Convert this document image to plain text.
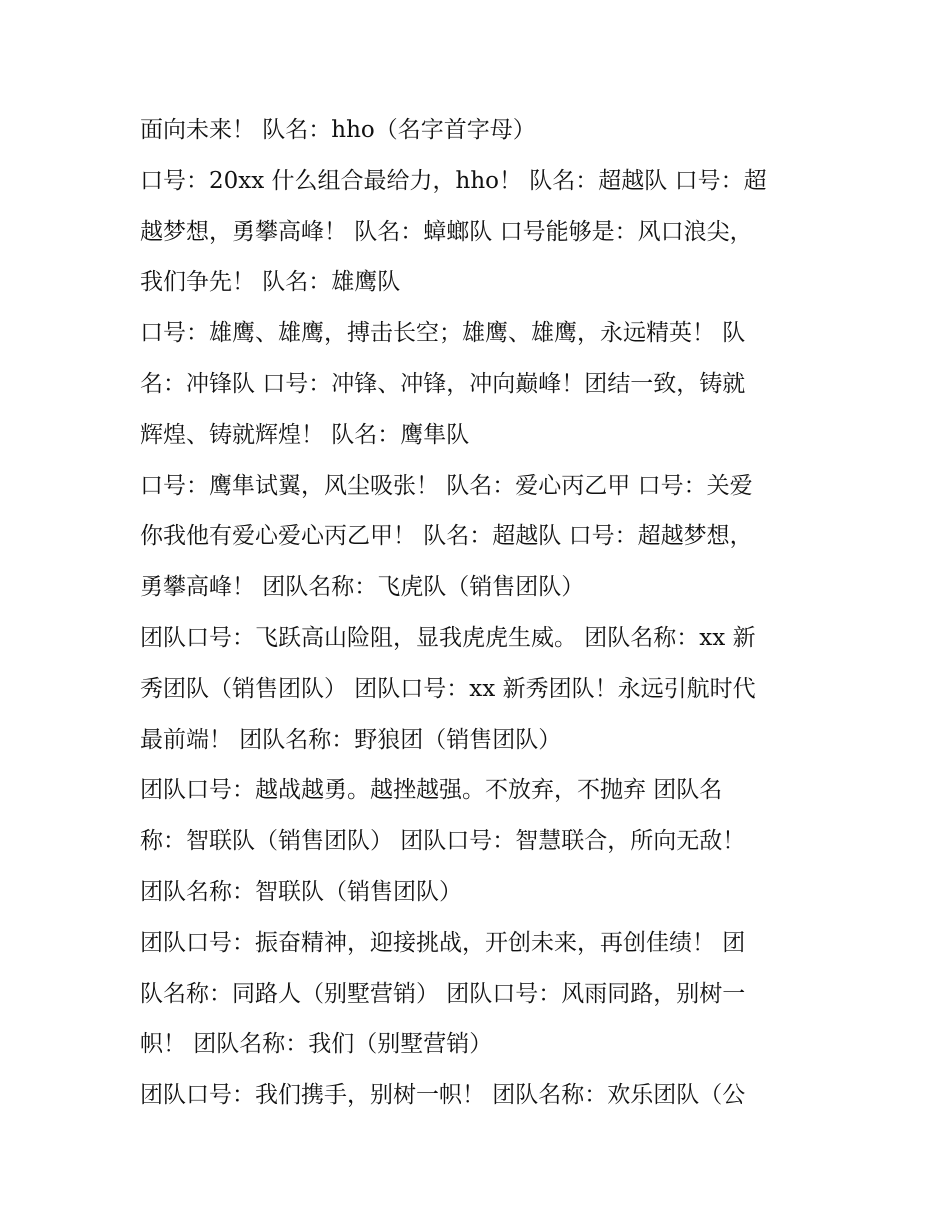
面向未来！ 队名：hho（名字首字母）
口号：20xx 什么组合最给力，hho！ 队名：超越队 口号：超
越梦想，勇攀高峰！ 队名：蟑螂队 口号能够是：风口浪尖，
我们争先！ 队名：雄鹰队
口号：雄鹰、雄鹰，搏击长空；雄鹰、雄鹰，永远精英！ 队
名：冲锋队 口号：冲锋、冲锋，冲向巅峰！团结一致，铸就
辉煌、铸就辉煌！ 队名：鹰隼队
口号：鹰隼试翼，风尘吸张！ 队名：爱心丙乙甲 口号：关爱
你我他有爱心爱心丙乙甲！ 队名：超越队 口号：超越梦想，
勇攀高峰！ 团队名称：飞虎队（销售团队）
团队口号：飞跃高山险阻，显我虎虎生威。 团队名称：xx 新
秀团队（销售团队） 团队口号：xx 新秀团队！永远引航时代
最前端！ 团队名称：野狼团（销售团队）
团队口号：越战越勇。越挫越强。不放弃，不抛弃 团队名
称：智联队（销售团队） 团队口号：智慧联合，所向无敌！
团队名称：智联队（销售团队）
团队口号：振奋精神，迎接挑战，开创未来，再创佳绩！ 团
队名称：同路人（别墅营销） 团队口号：风雨同路，别树一
帜！ 团队名称：我们（别墅营销）
团队口号：我们携手，别树一帜！ 团队名称：欢乐团队（公
